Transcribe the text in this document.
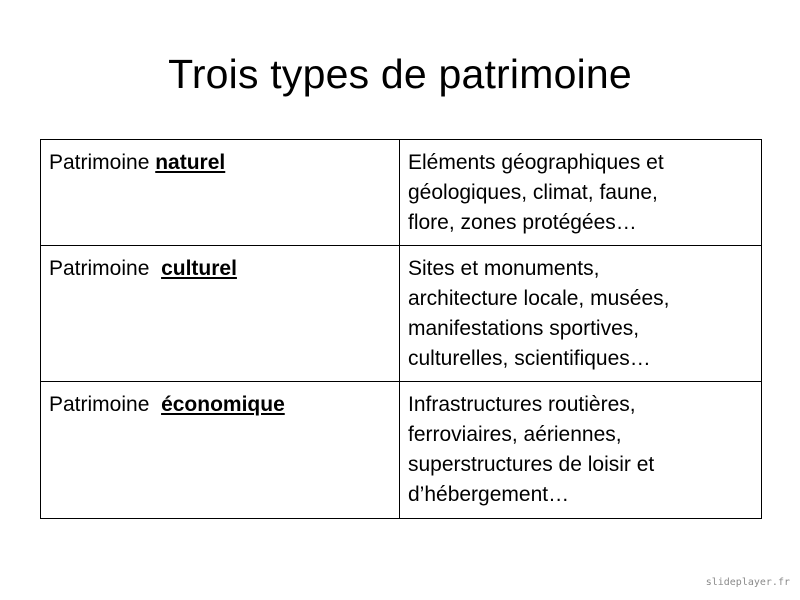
Trois types de patrimoine
Patrimoine naturel	Eléments géographiques et
géologiques, climat, faune,
flore, zones protégées…

Patrimoine culturel	Sites et monuments,
architecture locale, musées,
manifestations sportives,
culturelles, scientifiques…

Patrimoine économique	Infrastructures routières,
ferroviaires, aériennes,
superstructures de loisir et
d’hébergement…
slideplayer.fr
